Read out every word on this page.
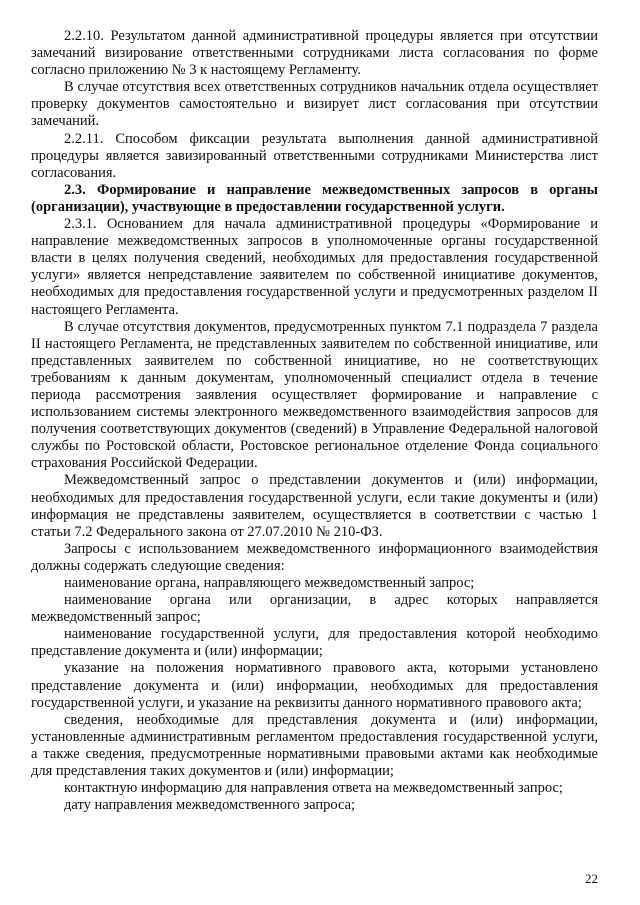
2.2.10. Результатом данной административной процедуры является при отсутствии замечаний визирование ответственными сотрудниками листа согласования по форме согласно приложению № 3 к настоящему Регламенту.

В случае отсутствия всех ответственных сотрудников начальник отдела осуществляет проверку документов самостоятельно и визирует лист согласования при отсутствии замечаний.

2.2.11. Способом фиксации результата выполнения данной административной процедуры является завизированный ответственными сотрудниками Министерства лист согласования.

2.3. Формирование и направление межведомственных запросов в органы (организации), участвующие в предоставлении государственной услуги.

2.3.1. Основанием для начала административной процедуры «Формирование и направление межведомственных запросов в уполномоченные органы государственной власти в целях получения сведений, необходимых для предоставления государственной услуги» является непредставление заявителем по собственной инициативе документов, необходимых для предоставления государственной услуги и предусмотренных разделом II настоящего Регламента.

В случае отсутствия документов, предусмотренных пунктом 7.1 подраздела 7 раздела II настоящего Регламента, не представленных заявителем по собственной инициативе, или представленных заявителем по собственной инициативе, но не соответствующих требованиям к данным документам, уполномоченный специалист отдела в течение периода рассмотрения заявления осуществляет формирование и направление с использованием системы электронного межведомственного взаимодействия запросов для получения соответствующих документов (сведений) в Управление Федеральной налоговой службы по Ростовской области, Ростовское региональное отделение Фонда социального страхования Российской Федерации.

Межведомственный запрос о представлении документов и (или) информации, необходимых для предоставления государственной услуги, если такие документы и (или) информация не представлены заявителем, осуществляется в соответствии с частью 1 статьи 7.2 Федерального закона от 27.07.2010 № 210-ФЗ.

Запросы с использованием межведомственного информационного взаимодействия должны содержать следующие сведения:

наименование органа, направляющего межведомственный запрос;

наименование органа или организации, в адрес которых направляется межведомственный запрос;

наименование государственной услуги, для предоставления которой необходимо представление документа и (или) информации;

указание на положения нормативного правового акта, которыми установлено представление документа и (или) информации, необходимых для предоставления государственной услуги, и указание на реквизиты данного нормативного правового акта;

сведения, необходимые для представления документа и (или) информации, установленные административным регламентом предоставления государственной услуги, а также сведения, предусмотренные нормативными правовыми актами как необходимые для представления таких документов и (или) информации;

контактную информацию для направления ответа на межведомственный запрос;

дату направления межведомственного запроса;

22
